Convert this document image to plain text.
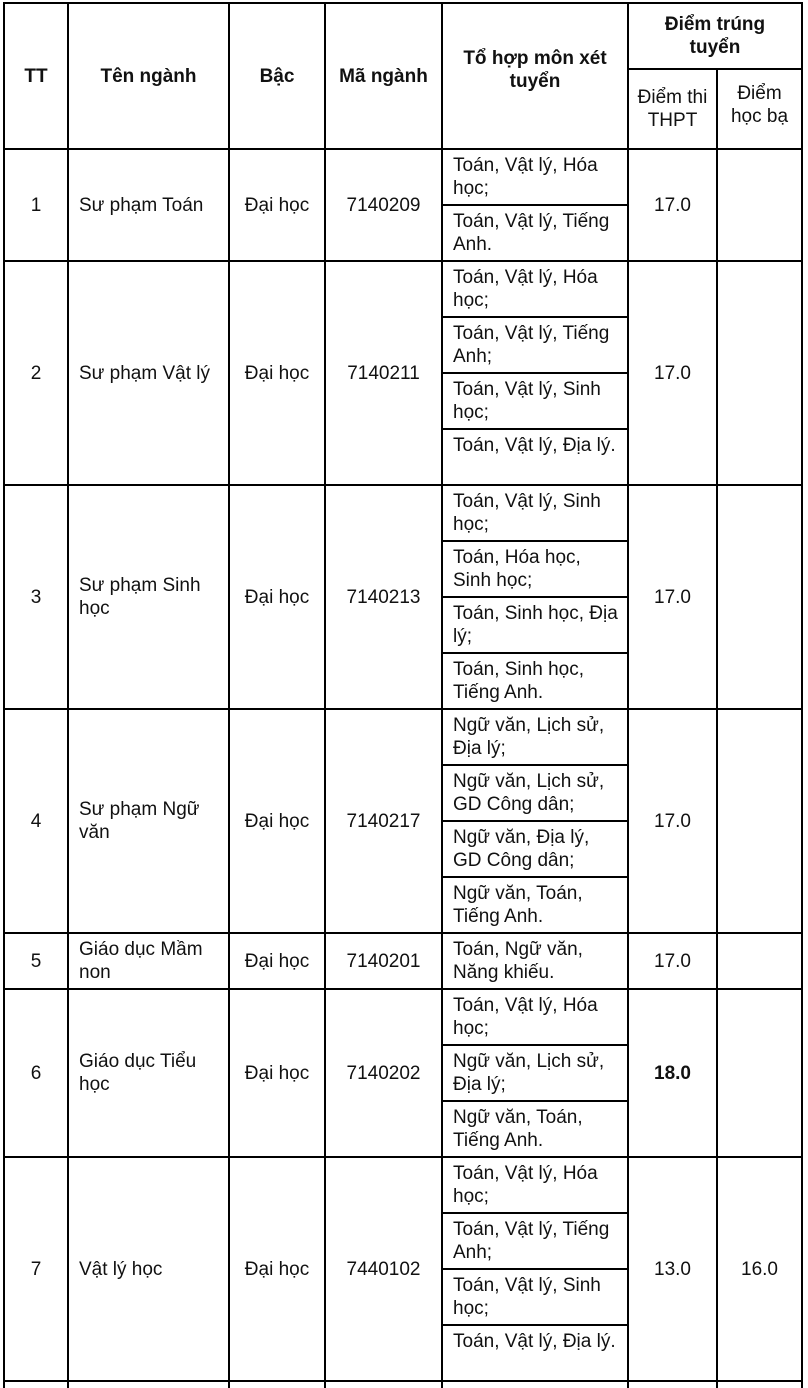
TT	Tên ngành	Bậc	Mã ngành	Tổ hợp môn xét tuyển	Điểm trúng tuyển	
					Điểm thi THPT	Điểm học bạ
1	Sư phạm Toán	Đại học	7140209	Toán, Vật lý, Hóa học;	17.0	

				Toán, Vật lý, Tiếng Anh.		

2	Sư phạm Vật lý	Đại học	7140211	Toán, Vật lý, Hóa học;	17.0	

				Toán, Vật lý, Tiếng Anh;		

				Toán, Vật lý, Sinh học;		

				Toán, Vật lý, Địa lý.		

3	Sư phạm Sinh học	Đại học	7140213	Toán, Vật lý, Sinh học;	17.0	

				Toán, Hóa học, Sinh học;		

				Toán, Sinh học, Địa lý;		

				Toán, Sinh học, Tiếng Anh.		

4	Sư phạm Ngữ văn	Đại học	7140217	Ngữ văn, Lịch sử, Địa lý;	17.0	

				Ngữ văn, Lịch sử, GD Công dân;		

				Ngữ văn, Địa lý, GD Công dân;		

				Ngữ văn, Toán, Tiếng Anh.		

5	Giáo dục Mầm non	Đại học	7140201	Toán, Ngữ văn, Năng khiếu.	17.0	
6	Giáo dục Tiểu học	Đại học	7140202	Toán, Vật lý, Hóa học;	18.0	

				Ngữ văn, Lịch sử, Địa lý;		

				Ngữ văn, Toán, Tiếng Anh.		

7	Vật lý học	Đại học	7440102	Toán, Vật lý, Hóa học;	13.0	16.0

				Toán, Vật lý, Tiếng Anh;		

				Toán, Vật lý, Sinh học;		

				Toán, Vật lý, Địa lý.		
